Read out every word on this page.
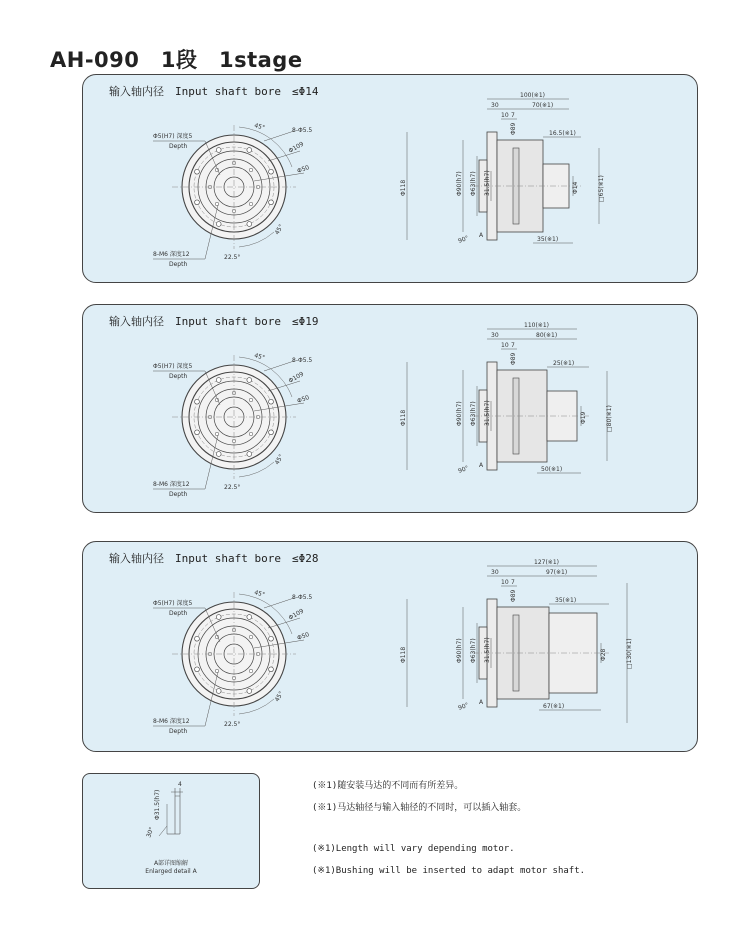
AH-090　1段　1stage
输入轴内径　Input shaft bore　≤Φ14
Φ5(H7) 深度5
Depth
8-Φ5.5
Φ109
Φ50
8-M6 深度12
Depth
45°
45°
22.5°
100(※1)
30	70(※1)
10 7
Φ89	16.5(※1)
Φ118	Φ90(h7) Φ63(h7) 31.5(h7)	Φ14	□65(※1)
35(※1)
90° A
输入轴内径　Input shaft bore　≤Φ19
Φ5(H7) 深度5
Depth
8-Φ5.5
Φ109
Φ50
8-M6 深度12
Depth
45°
45°
22.5°
110(※1)
30	80(※1)
10 7
Φ89	25(※1)
Φ118	Φ90(h7) Φ63(h7) 31.5(h7)	Φ19	□80(※1)
50(※1)
90° A
输入轴内径　Input shaft bore　≤Φ28
Φ5(H7) 深度5
Depth
8-Φ5.5
Φ109
Φ50
8-M6 深度12
Depth
45°
45°
22.5°
127(※1)
30	97(※1)
10 7
Φ89	35(※1)
Φ118	Φ90(h7) Φ63(h7) 31.5(h7)	Φ28	□130(※1)
67(※1)
90° A
Φ31.5(h7)
4
30°
A部详图缩解
Enlarged detail A
(※1)随安装马达的不同而有所差异。
(※1)马达轴径与输入轴径的不同时，可以插入轴套。
(※1)Length will vary depending motor.
(※1)Bushing will be inserted to adapt motor shaft.
